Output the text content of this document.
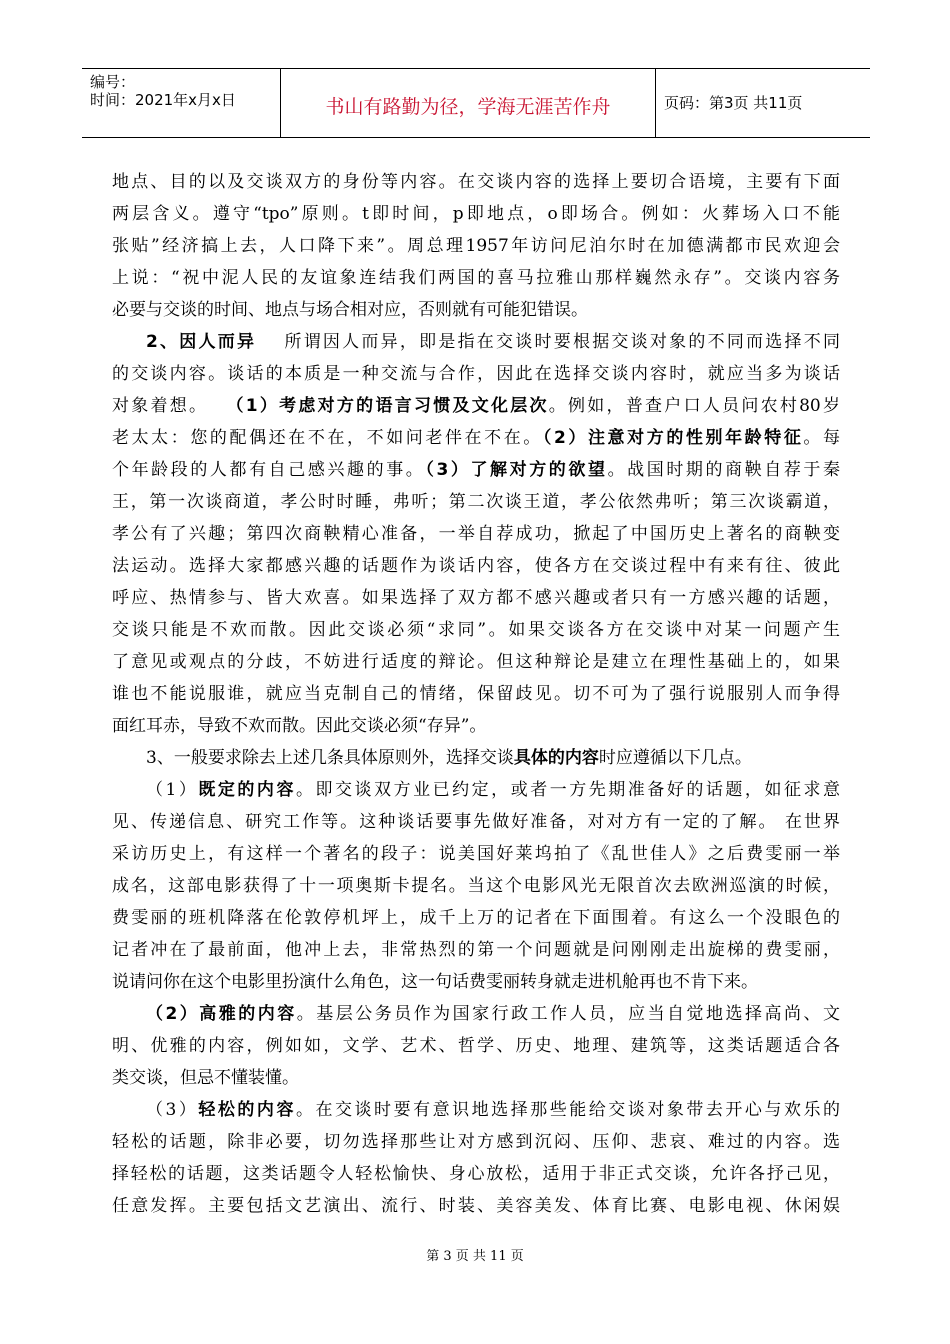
编号：
时间：2021年x月x日	书山有路勤为径，学海无涯苦作舟	页码：第3页 共11页
地点、目的以及交谈双方的身份等内容。在交谈内容的选择上要切合语境，主要有下面
两层含义。遵守“tpo”原则。t即时间，p即地点，o即场合。例如：火葬场入口不能
张贴”经济搞上去，人口降下来”。周总理1957年访问尼泊尔时在加德满都市民欢迎会
上说：“祝中泥人民的友谊象连结我们两国的喜马拉雅山那样巍然永存”。交谈内容务
必要与交谈的时间、地点与场合相对应，否则就有可能犯错误。
2、因人而异 所谓因人而异，即是指在交谈时要根据交谈对象的不同而选择不同
的交谈内容。谈话的本质是一种交流与合作，因此在选择交谈内容时，就应当多为谈话
对象着想。 （1）考虑对方的语言习惯及文化层次。例如，普查户口人员问农村80岁
老太太：您的配偶还在不在，不如问老伴在不在。（2）注意对方的性别年龄特征。每
个年龄段的人都有自己感兴趣的事。（3）了解对方的欲望。战国时期的商鞅自荐于秦
王，第一次谈商道，孝公时时睡，弗听；第二次谈王道，孝公依然弗听；第三次谈霸道，
孝公有了兴趣；第四次商鞅精心准备，一举自荐成功，掀起了中国历史上著名的商鞅变
法运动。选择大家都感兴趣的话题作为谈话内容，使各方在交谈过程中有来有往、彼此
呼应、热情参与、皆大欢喜。如果选择了双方都不感兴趣或者只有一方感兴趣的话题，
交谈只能是不欢而散。因此交谈必须“求同”。如果交谈各方在交谈中对某一问题产生
了意见或观点的分歧，不妨进行适度的辩论。但这种辩论是建立在理性基础上的，如果
谁也不能说服谁，就应当克制自己的情绪，保留歧见。切不可为了强行说服别人而争得
面红耳赤，导致不欢而散。因此交谈必须“存异”。
3、一般要求除去上述几条具体原则外，选择交谈具体的内容时应遵循以下几点。
（1）既定的内容。即交谈双方业已约定，或者一方先期准备好的话题，如征求意
见、传递信息、研究工作等。这种谈话要事先做好准备，对对方有一定的了解。 在世界
采访历史上，有这样一个著名的段子：说美国好莱坞拍了《乱世佳人》之后费雯丽一举
成名，这部电影获得了十一项奥斯卡提名。当这个电影风光无限首次去欧洲巡演的时候，
费雯丽的班机降落在伦敦停机坪上，成千上万的记者在下面围着。有这么一个没眼色的
记者冲在了最前面，他冲上去，非常热烈的第一个问题就是问刚刚走出旋梯的费雯丽，
说请问你在这个电影里扮演什么角色，这一句话费雯丽转身就走进机舱再也不肯下来。
（2）高雅的内容。基层公务员作为国家行政工作人员，应当自觉地选择高尚、文
明、优雅的内容，例如如，文学、艺术、哲学、历史、地理、建筑等，这类话题适合各
类交谈，但忌不懂装懂。
（3）轻松的内容。在交谈时要有意识地选择那些能给交谈对象带去开心与欢乐的
轻松的话题，除非必要，切勿选择那些让对方感到沉闷、压仰、悲哀、难过的内容。选
择轻松的话题，这类话题令人轻松愉快、身心放松，适用于非正式交谈，允许各抒己见，
任意发挥。主要包括文艺演出、流行、时装、美容美发、体育比赛、电影电视、休闲娱
第 3 页 共 11 页
